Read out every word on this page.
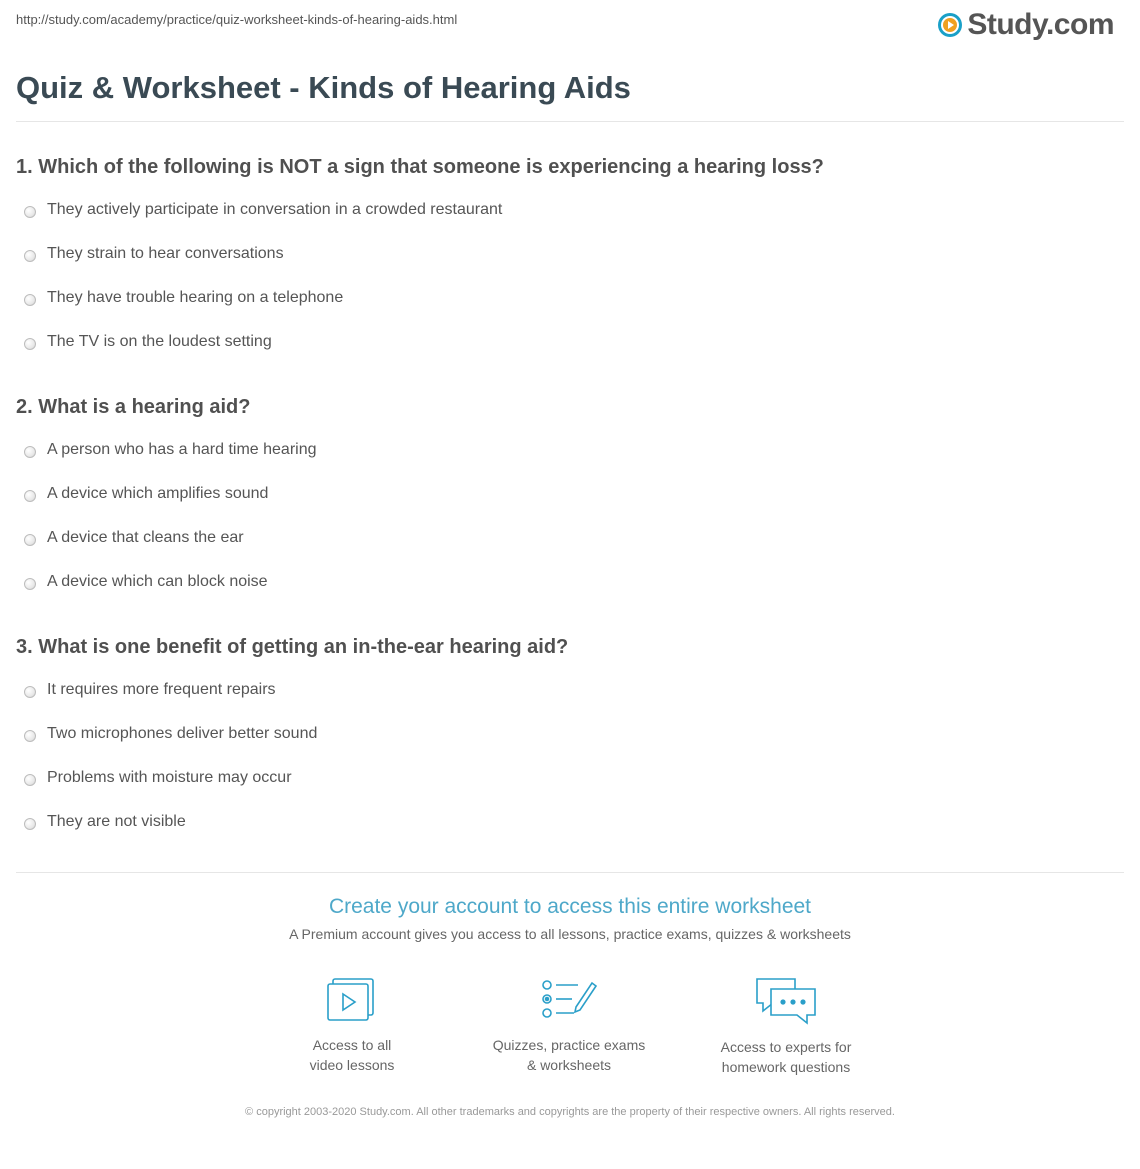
http://study.com/academy/practice/quiz-worksheet-kinds-of-hearing-aids.html	Study.com
Quiz & Worksheet - Kinds of Hearing Aids

1. Which of the following is NOT a sign that someone is experiencing a hearing loss?

They actively participate in conversation in a crowded restaurant
They strain to hear conversations
They have trouble hearing on a telephone
The TV is on the loudest setting

2. What is a hearing aid?

A person who has a hard time hearing
A device which amplifies sound
A device that cleans the ear
A device which can block noise

3. What is one benefit of getting an in-the-ear hearing aid?

It requires more frequent repairs
Two microphones deliver better sound
Problems with moisture may occur
They are not visible
Create your account to access this entire worksheet
A Premium account gives you access to all lessons, practice exams, quizzes & worksheets
Access to all
video lessons
Quizzes, practice exams
& worksheets
Access to experts for
homework questions
© copyright 2003-2020 Study.com. All other trademarks and copyrights are the property of their respective owners. All rights reserved.
